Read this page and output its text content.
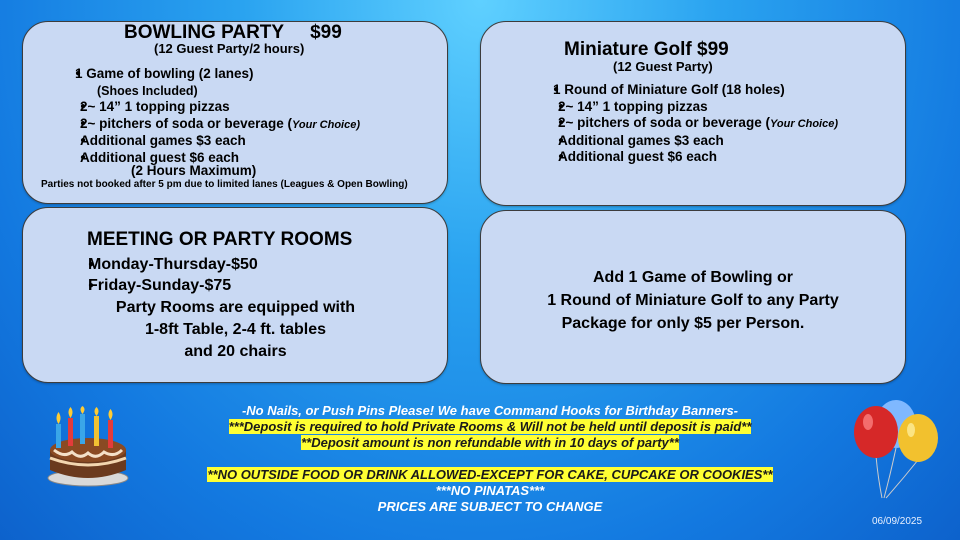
BOWLING PARTY $99
(12 Guest Party/2 hours)
● 1 Game of bowling (2 lanes)
(Shoes Included)
● 2~ 14” 1 topping pizzas
● 2~ pitchers of soda or beverage (Your Choice)
● Additional games $3 each
● Additional guest $6 each
(2 Hours Maximum)
Parties not booked after 5 pm due to limited lanes (Leagues & Open Bowling)
Miniature Golf $99
(12 Guest Party)
● 1 Round of Miniature Golf (18 holes)
● 2~ 14” 1 topping pizzas
● 2~ pitchers of soda or beverage (Your Choice)
● Additional games $3 each
● Additional guest $6 each
MEETING OR PARTY ROOMS
● Monday-Thursday-$50
● Friday-Sunday-$75
Party Rooms are equipped with
1-8ft Table, 2-4 ft. tables
and 20 chairs
Add 1 Game of Bowling or
1 Round of Miniature Golf to any Party
Package for only $5 per Person.
-No Nails, or Push Pins Please! We have Command Hooks for Birthday Banners-
***Deposit is required to hold Private Rooms & Will not be held until deposit is paid**
**Deposit amount is non refundable with in 10 days of party**
**NO OUTSIDE FOOD OR DRINK ALLOWED-EXCEPT FOR CAKE, CUPCAKE OR COOKIES**
***NO PINATAS***
PRICES ARE SUBJECT TO CHANGE
06/09/2025
